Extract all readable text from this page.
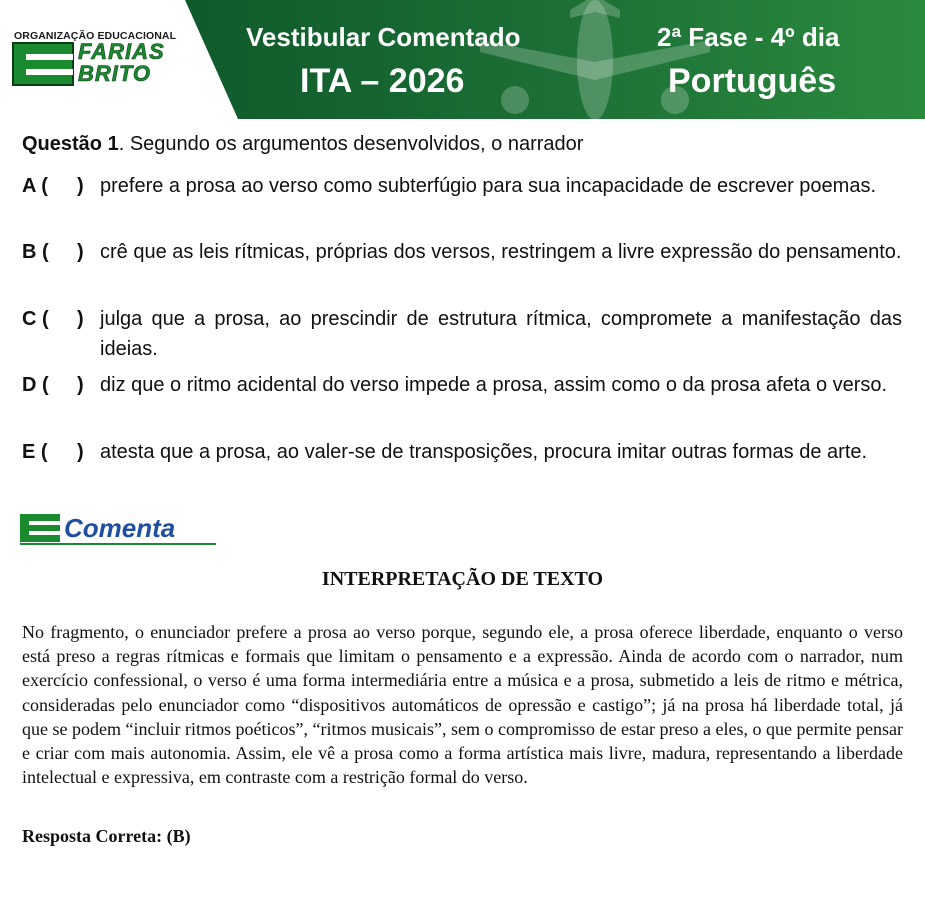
ORGANIZAÇÃO EDUCACIONAL
FARIAS
BRITO
Vestibular Comentado
ITA – 2026
2ª Fase - 4º dia
Português
Questão 1. Segundo os argumentos desenvolvidos, o narrador
A (	) prefere a prosa ao verso como subterfúgio para sua incapacidade de escrever poemas.
B (	) crê que as leis rítmicas, próprias dos versos, restringem a livre expressão do pensamento.
C (	) julga que a prosa, ao prescindir de estrutura rítmica, compromete a manifestação das ideias.
D (	) diz que o ritmo acidental do verso impede a prosa, assim como o da prosa afeta o verso.
E (	) atesta que a prosa, ao valer-se de transposições, procura imitar outras formas de arte.
Comenta
INTERPRETAÇÃO DE TEXTO
No fragmento, o enunciador prefere a prosa ao verso porque, segundo ele, a prosa oferece liberdade, enquanto o verso está preso a regras rítmicas e formais que limitam o pensamento e a expressão. Ainda de acordo com o narrador, num exercício confessional, o verso é uma forma intermediária entre a música e a prosa, submetido a leis de ritmo e métrica, consideradas pelo enunciador como “dispositivos automáticos de opressão e castigo”; já na prosa há liberdade total, já que se podem “incluir ritmos poéticos”, “ritmos musicais”, sem o compromisso de estar preso a eles, o que permite pensar e criar com mais autonomia. Assim, ele vê a prosa como a forma artística mais livre, madura, representando a liberdade intelectual e expressiva, em contraste com a restrição formal do verso.
Resposta Correta: (B)
